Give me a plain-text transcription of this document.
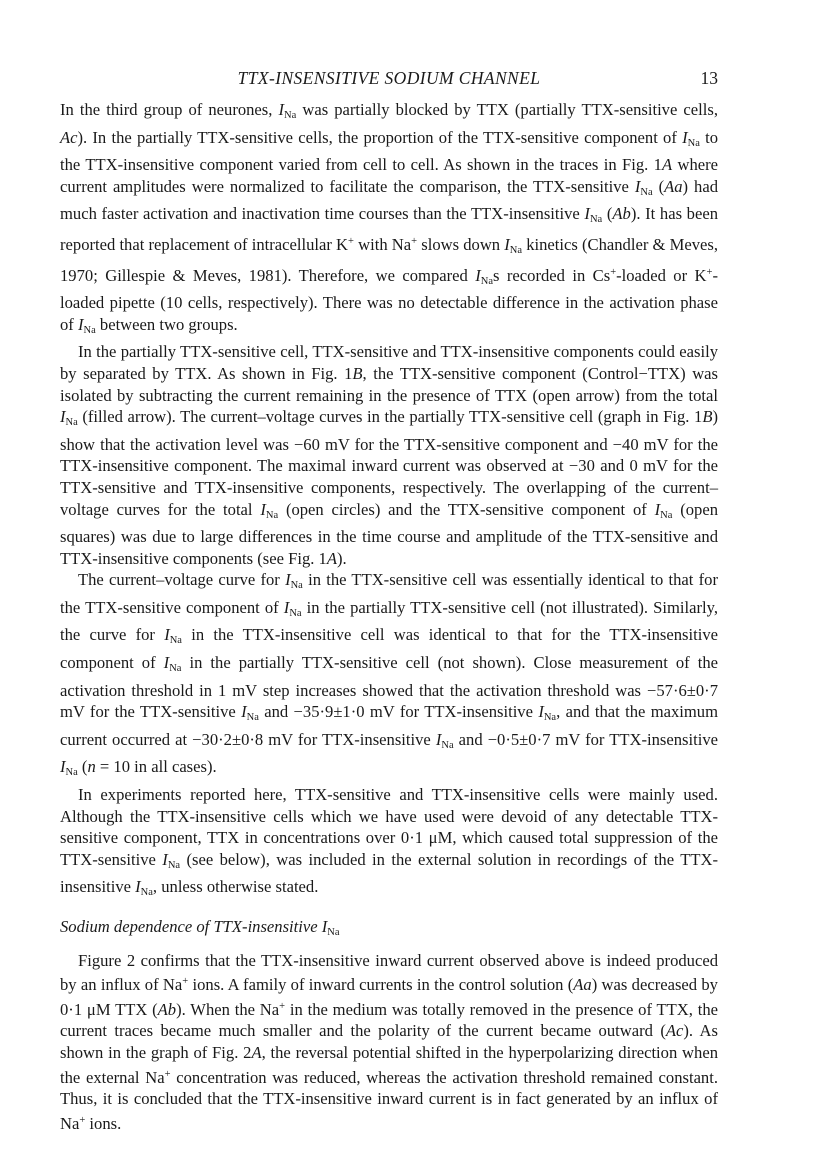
TTX-INSENSITIVE SODIUM CHANNEL	13

In the third group of neurones, $I_{Na}$ was partially blocked by TTX (partially TTX-sensitive cells, Ac). In the partially TTX-sensitive cells, the proportion of the TTX-sensitive component of $I_{Na}$ to the TTX-insensitive component varied from cell to cell. As shown in the traces in Fig. 1A where current amplitudes were normalized to facilitate the comparison, the TTX-sensitive $I_{Na}$ (Aa) had much faster activation and inactivation time courses than the TTX-insensitive $I_{Na}$ (Ab). It has been reported that replacement of intracellular K+ with Na+ slows down $I_{Na}$ kinetics (Chandler & Meves, 1970; Gillespie & Meves, 1981). Therefore, we compared $I_{Na}s$ recorded in Cs+-loaded or K+-loaded pipette (10 cells, respectively). There was no detectable difference in the activation phase of $I_{Na}$ between two groups.

In the partially TTX-sensitive cell, TTX-sensitive and TTX-insensitive components could easily by separated by TTX. As shown in Fig. 1B, the TTX-sensitive component (Control−TTX) was isolated by subtracting the current remaining in the presence of TTX (open arrow) from the total $I_{Na}$ (filled arrow). The current–voltage curves in the partially TTX-sensitive cell (graph in Fig. 1B) show that the activation level was −60 mV for the TTX-sensitive component and −40 mV for the TTX-insensitive component. The maximal inward current was observed at −30 and 0 mV for the TTX-sensitive and TTX-insensitive components, respectively. The overlapping of the current–voltage curves for the total $I_{Na}$ (open circles) and the TTX-sensitive component of $I_{Na}$ (open squares) was due to large differences in the time course and amplitude of the TTX-sensitive and TTX-insensitive components (see Fig. 1A).

The current–voltage curve for $I_{Na}$ in the TTX-sensitive cell was essentially identical to that for the TTX-sensitive component of $I_{Na}$ in the partially TTX-sensitive cell (not illustrated). Similarly, the curve for $I_{Na}$ in the TTX-insensitive cell was identical to that for the TTX-insensitive component of $I_{Na}$ in the partially TTX-sensitive cell (not shown). Close measurement of the activation threshold in 1 mV step increases showed that the activation threshold was −57·6±0·7 mV for the TTX-sensitive $I_{Na}$ and −35·9±1·0 mV for TTX-insensitive $I_{Na}$, and that the maximum current occurred at −30·2±0·8 mV for TTX-insensitive $I_{Na}$ and −0·5±0·7 mV for TTX-insensitive $I_{Na}$ (n = 10 in all cases).

In experiments reported here, TTX-sensitive and TTX-insensitive cells were mainly used. Although the TTX-insensitive cells which we have used were devoid of any detectable TTX-sensitive component, TTX in concentrations over 0·1 μM, which caused total suppression of the TTX-sensitive $I_{Na}$ (see below), was included in the external solution in recordings of the TTX-insensitive $I_{Na}$, unless otherwise stated.

Sodium dependence of TTX-insensitive $I_{Na}$

Figure 2 confirms that the TTX-insensitive inward current observed above is indeed produced by an influx of Na+ ions. A family of inward currents in the control solution (Aa) was decreased by 0·1 μM TTX (Ab). When the Na+ in the medium was totally removed in the presence of TTX, the current traces became much smaller and the polarity of the current became outward (Ac). As shown in the graph of Fig. 2A, the reversal potential shifted in the hyperpolarizing direction when the external Na+ concentration was reduced, whereas the activation threshold remained constant. Thus, it is concluded that the TTX-insensitive inward current is in fact generated by an influx of Na+ ions.
